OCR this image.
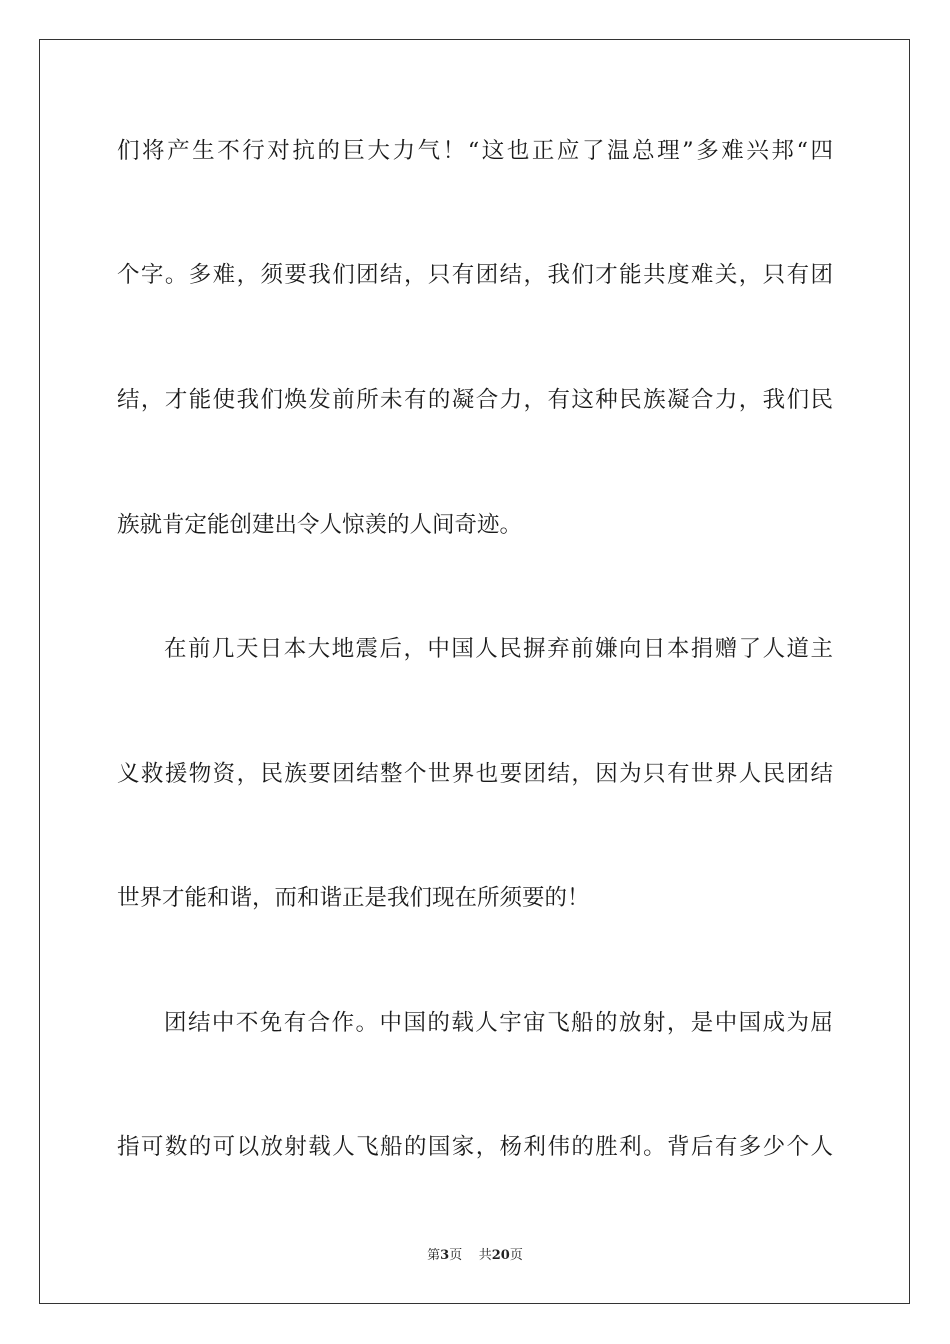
们将产生不行对抗的巨大力气！“这也正应了温总理”多难兴邦“四
个字。多难，须要我们团结，只有团结，我们才能共度难关，只有团
结，才能使我们焕发前所未有的凝合力，有这种民族凝合力，我们民
族就肯定能创建出令人惊羡的人间奇迹。
在前几天日本大地震后，中国人民摒弃前嫌向日本捐赠了人道主
义救援物资，民族要团结整个世界也要团结，因为只有世界人民团结
世界才能和谐，而和谐正是我们现在所须要的！
团结中不免有合作。中国的载人宇宙飞船的放射，是中国成为屈
指可数的可以放射载人飞船的国家，杨利伟的胜利。背后有多少个人
第3页 共20页
